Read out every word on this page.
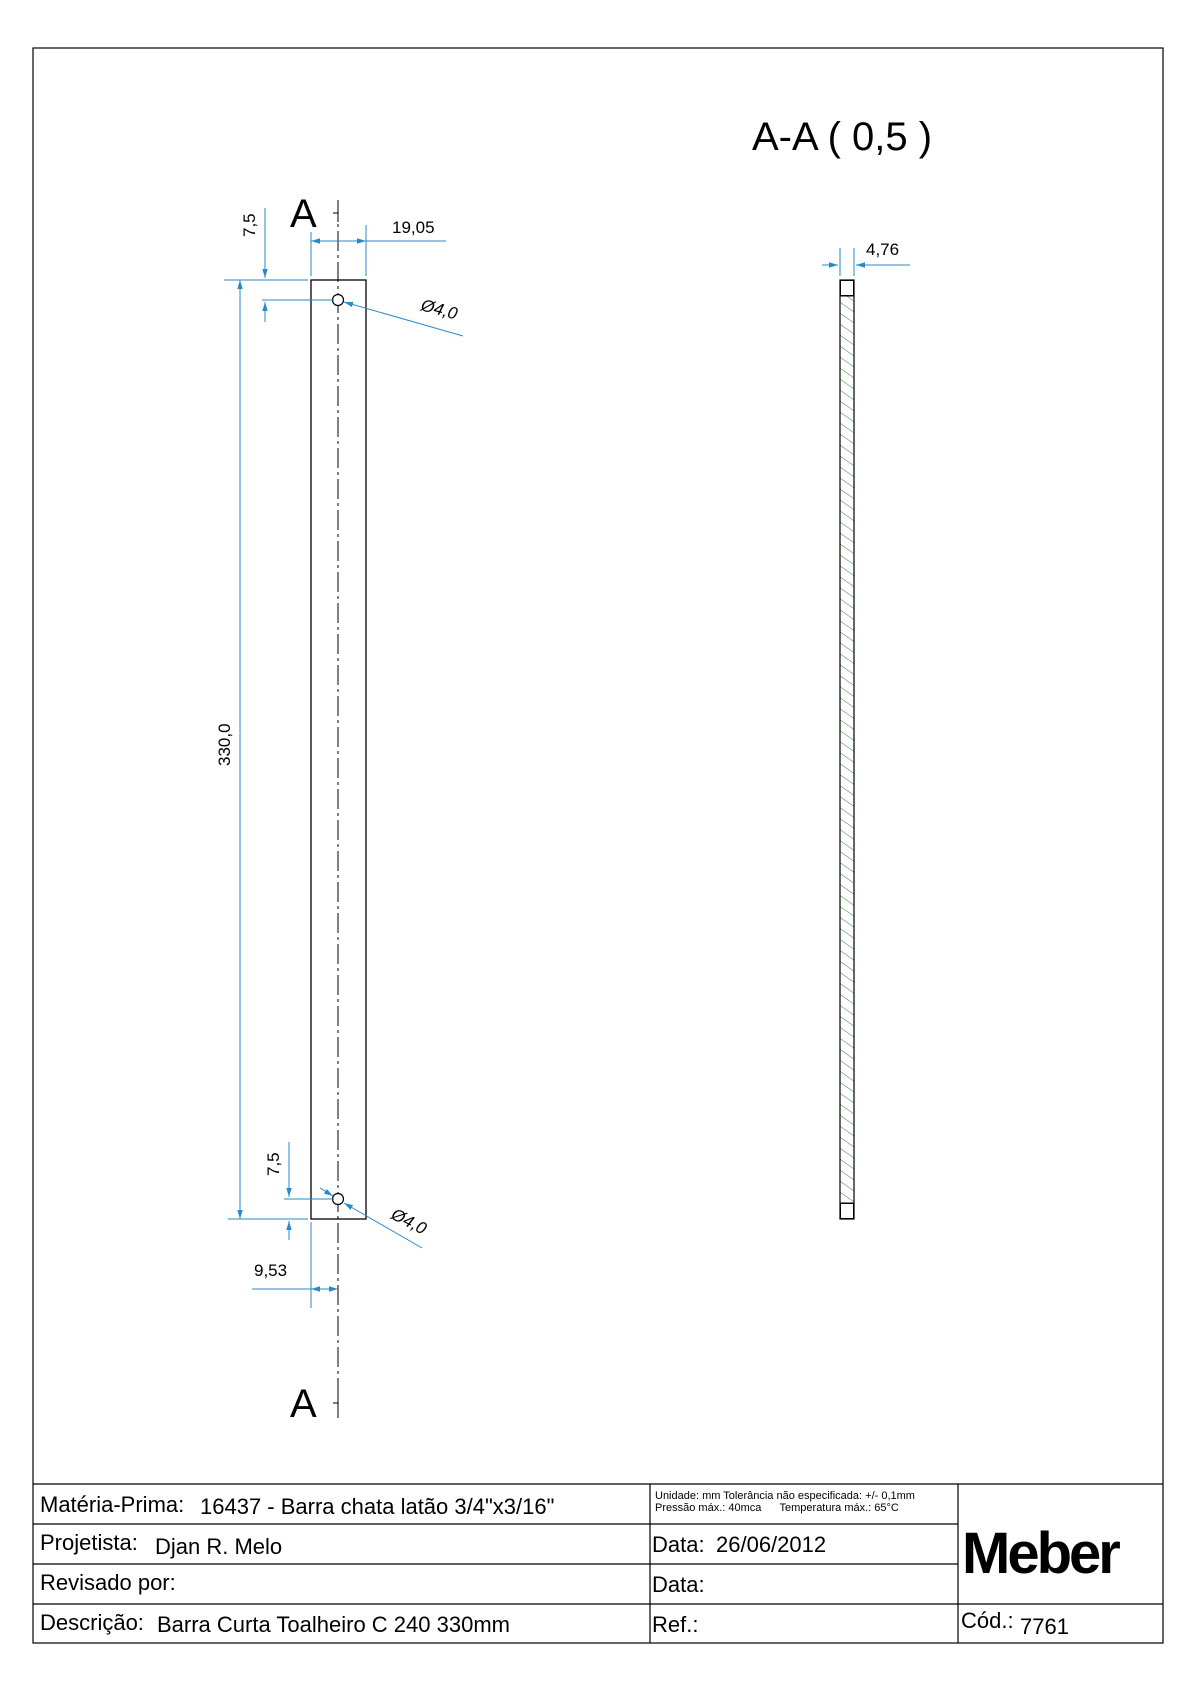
A
A
7,5	19,05
Ø4,0
330,0
7,5
Ø4,0
9,53
A-A ( 0,5 )
4,76
Matéria-Prima: 16437 - Barra chata latão 3/4"x3/16"	Unidade: mm Tolerância não especificada: +/- 0,1mm
Pressão máx.: 40mca      Temperatura máx.: 65°C
Projetista: Djan R. Melo	Data: 26/06/2012
Revisado por:	Data:
Descrição: Barra Curta Toalheiro C 240 330mm	Ref.:	Cód.: 7761
Meber
